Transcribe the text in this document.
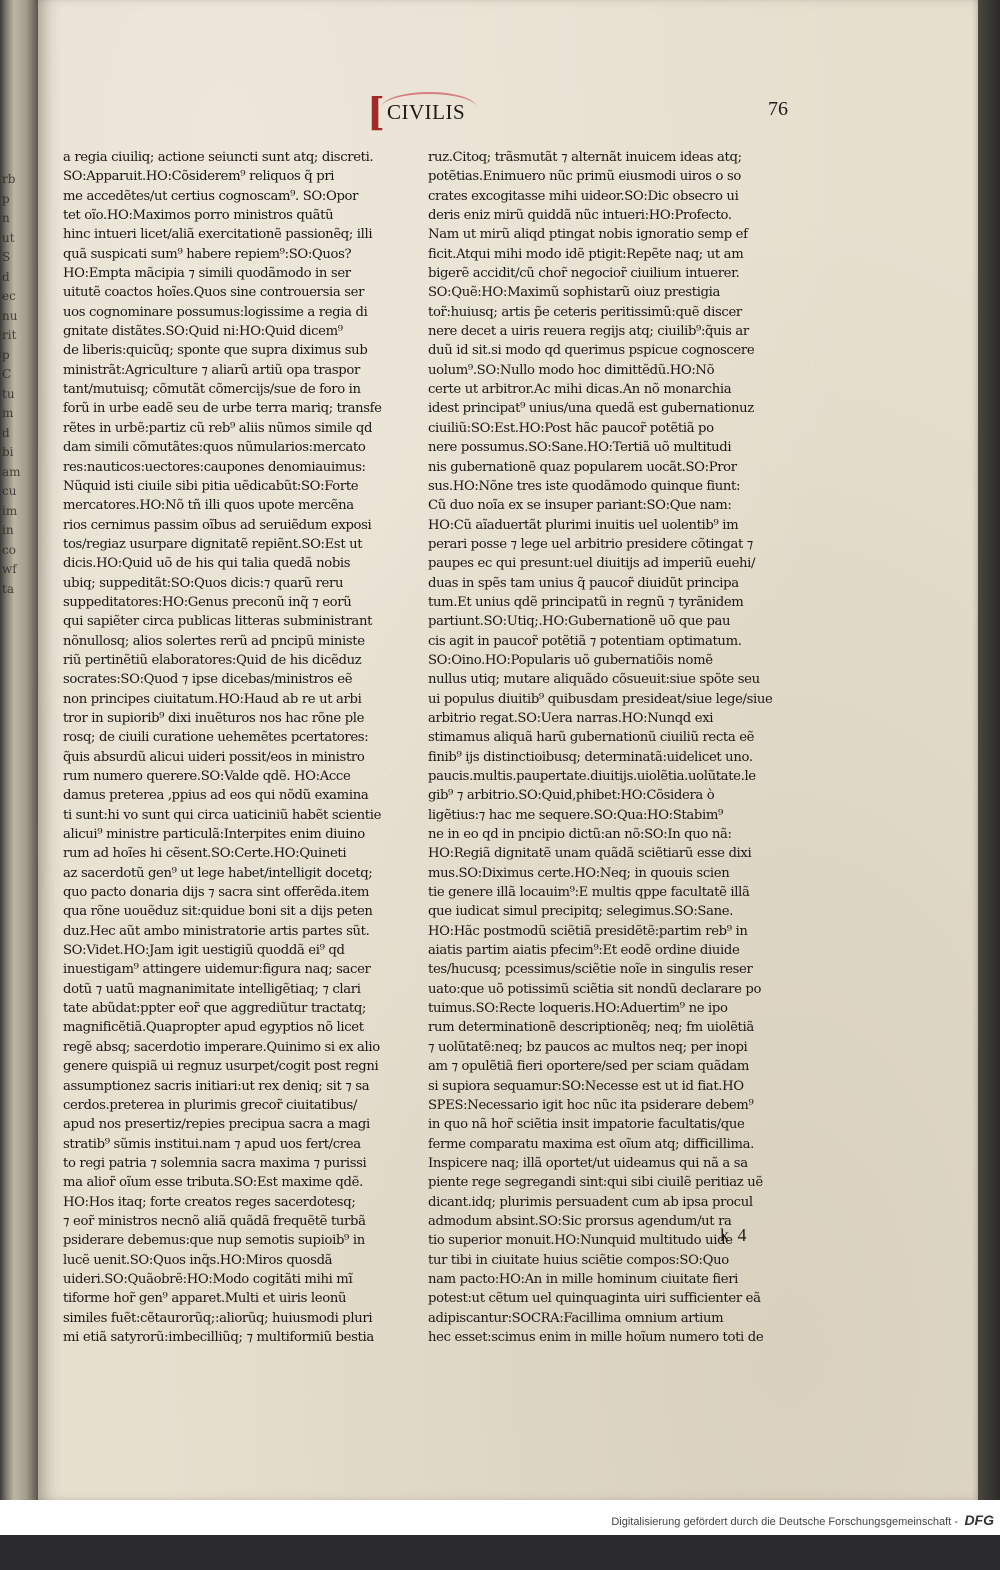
rb
p
n
ut
S
d
ec
nu
rit
p
C
tu
m
d
bi
am
cu
im
in
co
wf
ta
[ CIVILIS	76
a regia ciuiliq; actione seiuncti sunt atq; discreti.
SO:Apparuit.HO:Cõsiderem⁹ reliquos q̃ pri
me accedẽtes/ut certius cognoscam⁹. SO:Opor
tet oĩo.HO:Maximos porro ministros quãtũ
hinc intueri licet/aliã exercitationẽ passionẽq; illi
quã suspicati sum⁹ habere repiem⁹:SO:Quos?
HO:Empta mãcipia ⁊ simili quodãmodo in ser
uitutẽ coactos hoĩes.Quos sine controuersia ser
uos cognominare possumus:logissime a regia di
gnitate distãtes.SO:Quid ni:HO:Quid dicem⁹
de liberis:quicũq; sponte que supra diximus sub
ministrãt:Agriculture ⁊ aliarũ artiũ opa traspor
tant/mutuisq; cõmutãt cõmercijs/sue de foro in
forũ in urbe eadẽ seu de urbe terra mariq; transfe
rẽtes in urbẽ:partiz cũ reb⁹ aliis nũmos simile qd
dam simili cõmutãtes:quos nũmularios:mercato
res:nauticos:uectores:caupones denomiauimus:
Nũquid isti ciuile sibi pitia uẽdicabũt:SO:Forte
mercatores.HO:Nõ tñ illi quos upote mercẽna
rios cernimus passim oĩbus ad seruiẽdum exposi
tos/regiaz usurpare dignitatẽ repiẽnt.SO:Est ut
dicis.HO:Quid uõ de his qui talia quedã nobis
ubiq; suppeditãt:SO:Quos dicis:⁊ quarũ reru
suppeditatores:HO:Genus preconũ inq̃ ⁊ eorũ
qui sapiẽter circa publicas litteras subministrant
nõnullosq; alios solertes rerũ ad pncipũ ministe
riũ pertinẽtiũ elaboratores:Quid de his dicẽduz
socrates:SO:Quod ⁊ ipse dicebas/ministros eẽ
non principes ciuitatum.HO:Haud ab re ut arbi
tror in supiorib⁹ dixi inuẽturos nos hac rõne ple
rosq; de ciuili curatione uehemẽtes pcertatores:
q̃uis absurdũ alicui uideri possit/eos in ministro
rum numero querere.SO:Valde qdẽ. HO:Acce
damus preterea ,ppius ad eos qui nõdũ examina
ti sunt:hi vo sunt qui circa uaticiniũ habẽt scientie
alicui⁹ ministre particulã:Interpites enim diuino
rum ad hoĩes hi cẽsent.SO:Certe.HO:Quineti
az sacerdotũ gen⁹ ut lege habet/intelligit docetq;
quo pacto donaria dijs ⁊ sacra sint offerẽda.item
qua rõne uouẽduz sit:quidue boni sit a dijs peten
duz.Hec aũt ambo ministratorie artis partes sũt.
SO:Videt.HO:Jam igit uestigiũ quoddã ei⁹ qd
inuestigam⁹ attingere uidemur:figura naq; sacer
dotũ ⁊ uatũ magnanimitate intelligẽtiaq; ⁊ clari
tate abũdat:ppter eor̃ que aggrediũtur tractatq;
magnificẽtiã.Quapropter apud egyptios nõ licet
regẽ absq; sacerdotio imperare.Quinimo si ex alio
genere quispiã ui regnuz usurpet/cogit post regni
assumptionez sacris initiari:ut rex deniq; sit ⁊ sa
cerdos.preterea in plurimis grecor̃ ciuitatibus/
apud nos presertiz/repies precipua sacra a magi
stratib⁹ sũmis institui.nam ⁊ apud uos fert/crea
to regi patria ⁊ solemnia sacra maxima ⁊ purissi
ma alior̃ oĩum esse tributa.SO:Est maxime qdẽ.
HO:Hos itaq; forte creatos reges sacerdotesq;
⁊ eor̃ ministros necnõ aliã quãdã frequẽtẽ turbã
psiderare debemus:que nup semotis supioib⁹ in
lucẽ uenit.SO:Quos inq̃s.HO:Miros quosdã
uideri.SO:Quãobrẽ:HO:Modo cogitãti mihi mĩ
tiforme hor̃ gen⁹ apparet.Multi et uiris leonũ
similes fuẽt:cẽtaurorũq;:aliorũq; huiusmodi pluri
mi etiã satyrorũ:imbecilliũq; ⁊ multiformiũ bestia
ruz.Citoq; trãsmutãt ⁊ alternãt inuicem ideas atq;
potẽtias.Enimuero nũc primũ eiusmodi uiros o so
crates excogitasse mihi uideor.SO:Dic obsecro ui
deris eniz mirũ quiddã nũc intueri:HO:Profecto.
Nam ut mirũ aliqd ptingat nobis ignoratio semp ef
ficit.Atqui mihi modo idẽ ptigit:Repẽte naq; ut am
bigerẽ accidit/cũ chor̃ negocior̃ ciuilium intuerer.
SO:Quẽ:HO:Maximũ sophistarũ oiuz prestigia
tor̃:huiusq; artis p̃e ceteris peritissimũ:quẽ discer
nere decet a uiris reuera regijs atq; ciuilib⁹:q̃uis ar
duũ id sit.si modo qd querimus pspicue cognoscere
uolum⁹.SO:Nullo modo hoc dimittẽdũ.HO:Nõ
certe ut arbitror.Ac mihi dicas.An nõ monarchia
idest principat⁹ unius/una quedã est gubernationuz
ciuiliũ:SO:Est.HO:Post hãc paucor̃ potẽtiã po
nere possumus.SO:Sane.HO:Tertiã uõ multitudi
nis gubernationẽ quaz popularem uocãt.SO:Pror
sus.HO:Nõne tres iste quodãmodo quinque fiunt:
Cũ duo noĩa ex se insuper pariant:SO:Que nam:
HO:Cũ aĩaduertãt plurimi inuitis uel uolentib⁹ im
perari posse ⁊ lege uel arbitrio presidere cõtingat ⁊
paupes ec qui presunt:uel diuitijs ad imperiũ euehi/
duas in spẽs tam unius q̃ paucor̃ diuidũt principa
tum.Et unius qdẽ principatũ in regnũ ⁊ tyrãnidem
partiunt.SO:Utiq;.HO:Gubernationẽ uõ que pau
cis agit in paucor̃ potẽtiã ⁊ potentiam optimatum.
SO:Oino.HO:Popularis uõ gubernatiõis nomẽ
nullus utiq; mutare aliquãdo cõsueuit:siue spõte seu
ui populus diuitib⁹ quibusdam presideat/siue lege/siue
arbitrio regat.SO:Uera narras.HO:Nunqd exi
stimamus aliquã harũ gubernationũ ciuiliũ recta eẽ
finib⁹ ijs distinctioibusq; determinatã:uidelicet uno.
paucis.multis.paupertate.diuitijs.uiolẽtia.uolũtate.le
gib⁹ ⁊ arbitrio.SO:Quid,phibet:HO:Cõsidera ò
ligẽtius:⁊ hac me sequere.SO:Qua:HO:Stabim⁹
ne in eo qd in pncipio dictũ:an nõ:SO:In quo nã:
HO:Regiã dignitatẽ unam quãdã sciẽtiarũ esse dixi
mus.SO:Diximus certe.HO:Neq; in quouis scien
tie genere illã locauim⁹:E multis qppe facultatẽ illã
que iudicat simul precipitq; selegimus.SO:Sane.
HO:Hãc postmodũ sciẽtiã presidẽtẽ:partim reb⁹ in
aiatis partim aiatis pfecim⁹:Et eodẽ ordine diuide
tes/hucusq; pcessimus/sciẽtie noĩe in singulis reser
uato:que uõ potissimũ sciẽtia sit nondũ declarare po
tuimus.SO:Recte loqueris.HO:Aduertim⁹ ne ipo
rum determinationẽ descriptionẽq; neq; fm uiolẽtiã
⁊ uolũtatẽ:neq; bz paucos ac multos neq; per inopi
am ⁊ opulẽtiã fieri oportere/sed per sciam quãdam
si supiora sequamur:SO:Necesse est ut id fiat.HO
SPES:Necessario igit hoc nũc ita psiderare debem⁹
in quo nã hor̃ sciẽtia insit impatorie facultatis/que
ferme comparatu maxima est oĩum atq; difficillima.
Inspicere naq; illã oportet/ut uideamus qui nã a sa
piente rege segregandi sint:qui sibi ciuilẽ peritiaz uẽ
dicant.idq; plurimis persuadent cum ab ipsa procul
admodum absint.SO:Sic prorsus agendum/ut ra
tio superior monuit.HO:Nunquid multitudo uide
tur tibi in ciuitate huius sciẽtie compos:SO:Quo
nam pacto:HO:An in mille hominum ciuitate fieri
potest:ut cẽtum uel quinquaginta uiri sufficienter eã
adipiscantur:SOCRA:Facillima omnium artium
hec esset:scimus enim in mille hoĩum numero toti de
k 4
Digitalisierung gefördert durch die Deutsche Forschungsgemeinschaft - DFG
